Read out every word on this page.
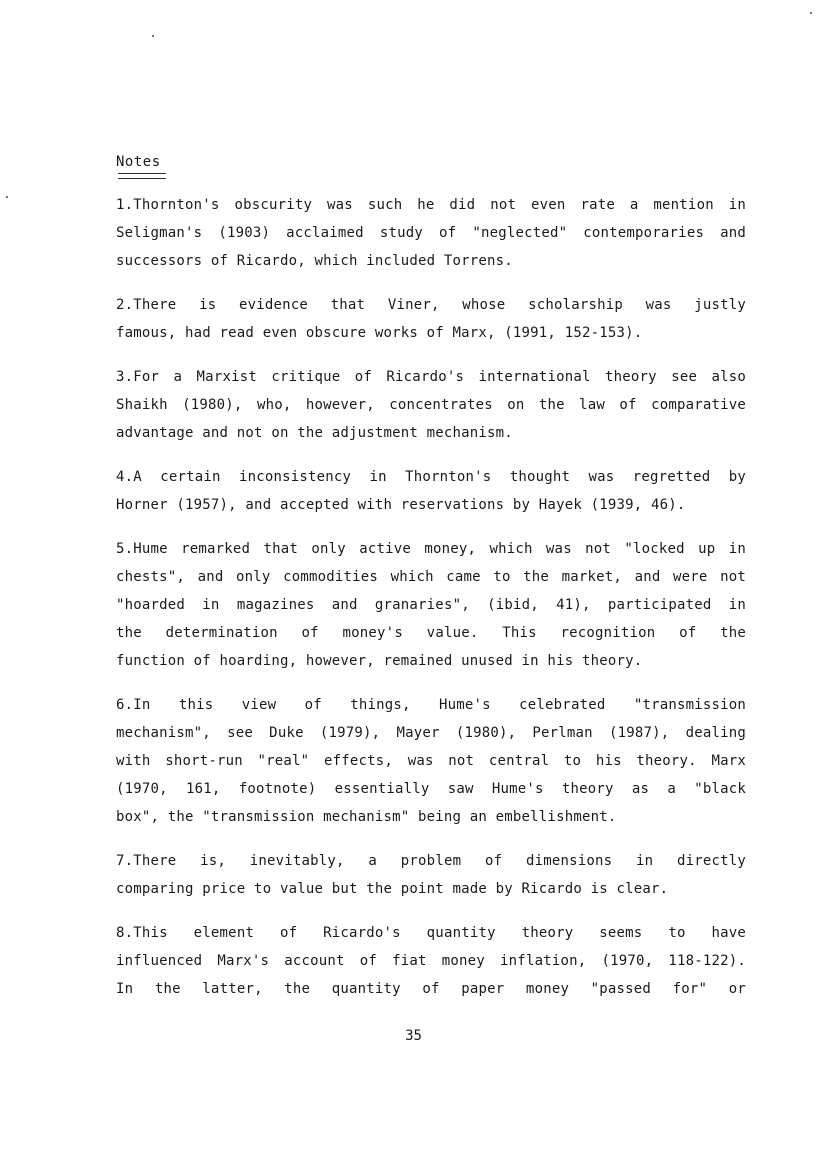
Notes
1.Thornton's obscurity was such he did not even rate a mention in
Seligman's (1903) acclaimed study of "neglected" contemporaries and
successors of Ricardo, which included Torrens.
2.There is evidence that Viner, whose scholarship was justly
famous, had read even obscure works of Marx, (1991, 152-153).
3.For a Marxist critique of Ricardo's international theory see also
Shaikh (1980), who, however, concentrates on the law of comparative
advantage and not on the adjustment mechanism.
4.A certain inconsistency in Thornton's thought was regretted by
Horner (1957), and accepted with reservations by Hayek (1939, 46).
5.Hume remarked that only active money, which was not "locked up in
chests", and only commodities which came to the market, and were not
"hoarded in magazines and granaries", (ibid, 41), participated in
the determination of money's value. This recognition of the
function of hoarding, however, remained unused in his theory.
6.In this view of things, Hume's celebrated "transmission
mechanism", see Duke (1979), Mayer (1980), Perlman (1987), dealing
with short-run "real" effects, was not central to his theory. Marx
(1970, 161, footnote) essentially saw Hume's theory as a "black
box", the "transmission mechanism" being an embellishment.
7.There is, inevitably, a problem of dimensions in directly
comparing price to value but the point made by Ricardo is clear.
8.This element of Ricardo's quantity theory seems to have
influenced Marx's account of fiat money inflation, (1970, 118-122).
In the latter, the quantity of paper money "passed for" or
35
